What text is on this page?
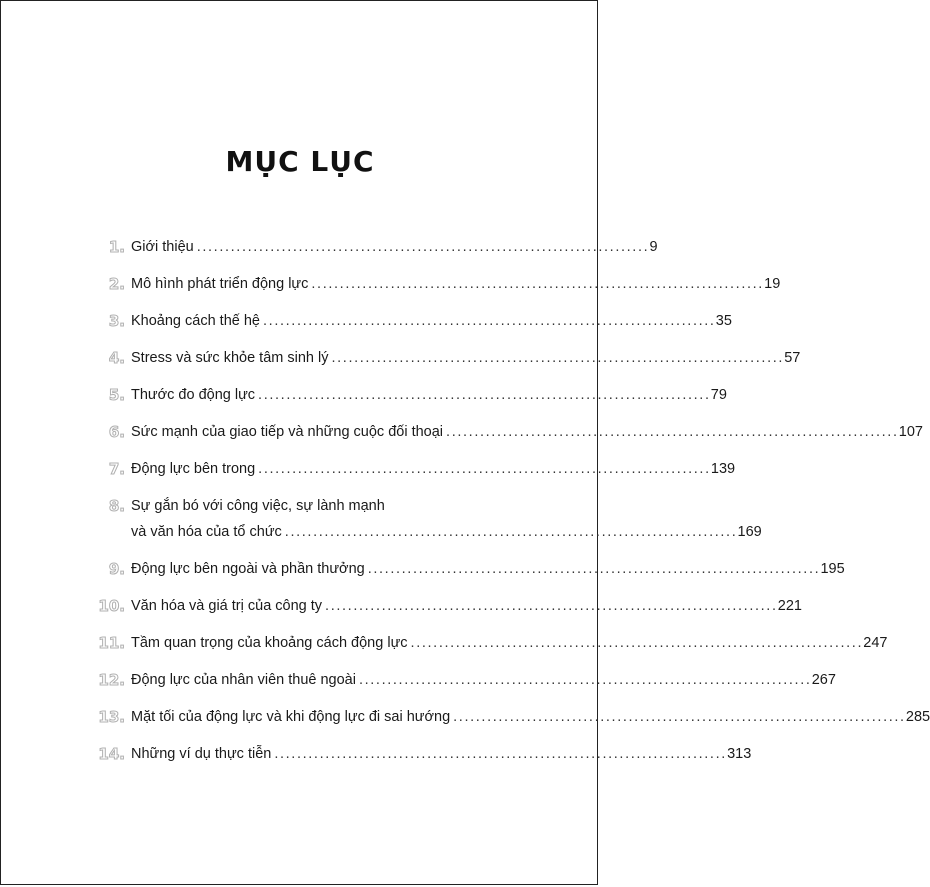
MỤC LỤC
1. Giới thiệu . . .	9
2. Mô hình phát triển động lực . . .	19
3. Khoảng cách thế hệ . . .	35
4. Stress và sức khỏe tâm sinh lý . . .	57
5. Thước đo động lực . . .	79
6. Sức mạnh của giao tiếp và những cuộc đối thoại . . .	107
7. Động lực bên trong . . .	139
8. Sự gắn bó với công việc, sự lành mạnh
và văn hóa của tổ chức . . .	169
9. Động lực bên ngoài và phần thưởng . . .	195
10. Văn hóa và giá trị của công ty . . .	221
11. Tầm quan trọng của khoảng cách động lực . . .	247
12. Động lực của nhân viên thuê ngoài . . .	267
13. Mặt tối của động lực và khi động lực đi sai hướng . . .	285
14. Những ví dụ thực tiễn . . .	313
